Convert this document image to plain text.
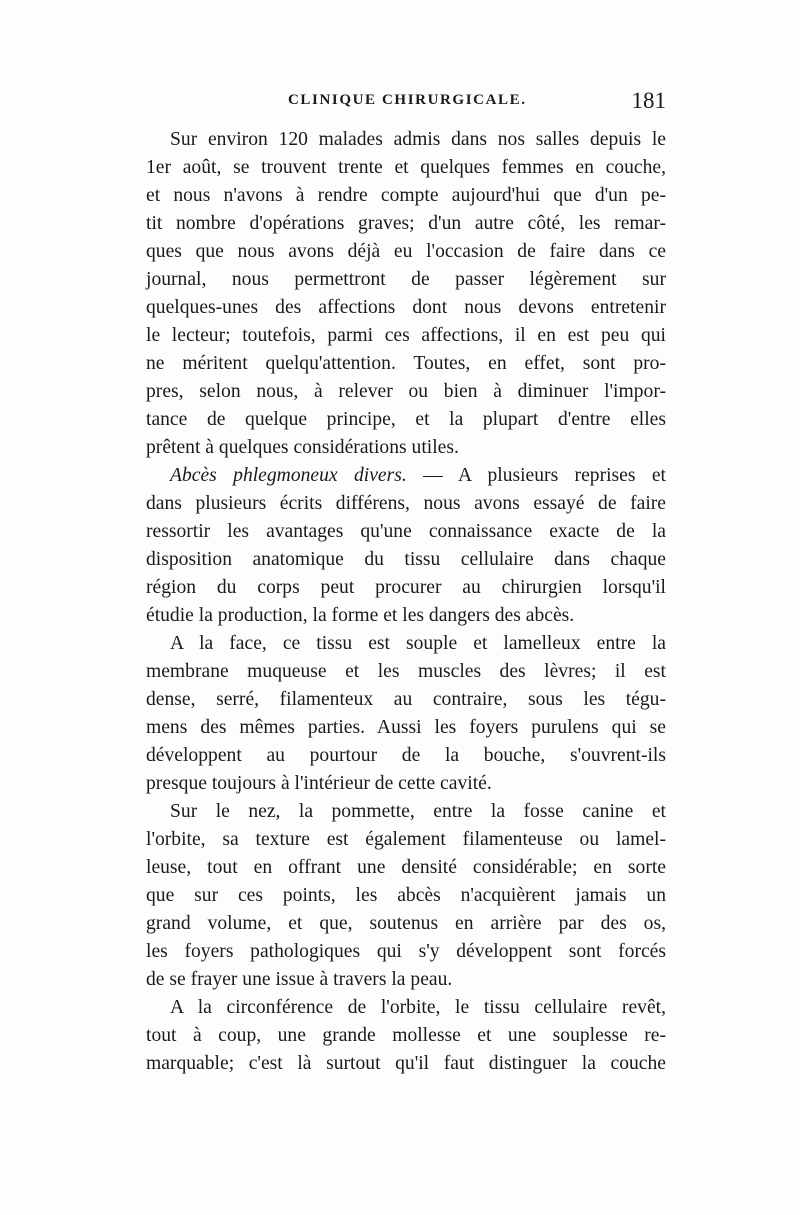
CLINIQUE CHIRURGICALE.	181
Sur environ 120 malades admis dans nos salles depuis le
1er août, se trouvent trente et quelques femmes en couche,
et nous n'avons à rendre compte aujourd'hui que d'un pe-
tit nombre d'opérations graves; d'un autre côté, les remar-
ques que nous avons déjà eu l'occasion de faire dans ce
journal, nous permettront de passer légèrement sur
quelques-unes des affections dont nous devons entretenir
le lecteur; toutefois, parmi ces affections, il en est peu qui
ne méritent quelqu'attention. Toutes, en effet, sont pro-
pres, selon nous, à relever ou bien à diminuer l'impor-
tance de quelque principe, et la plupart d'entre elles
prêtent à quelques considérations utiles.
Abcès phlegmoneux divers. — A plusieurs reprises et
dans plusieurs écrits différens, nous avons essayé de faire
ressortir les avantages qu'une connaissance exacte de la
disposition anatomique du tissu cellulaire dans chaque
région du corps peut procurer au chirurgien lorsqu'il
étudie la production, la forme et les dangers des abcès.
A la face, ce tissu est souple et lamelleux entre la
membrane muqueuse et les muscles des lèvres; il est
dense, serré, filamenteux au contraire, sous les tégu-
mens des mêmes parties. Aussi les foyers purulens qui se
développent au pourtour de la bouche, s'ouvrent-ils
presque toujours à l'intérieur de cette cavité.
Sur le nez, la pommette, entre la fosse canine et
l'orbite, sa texture est également filamenteuse ou lamel-
leuse, tout en offrant une densité considérable; en sorte
que sur ces points, les abcès n'acquièrent jamais un
grand volume, et que, soutenus en arrière par des os,
les foyers pathologiques qui s'y développent sont forcés
de se frayer une issue à travers la peau.
A la circonférence de l'orbite, le tissu cellulaire revêt,
tout à coup, une grande mollesse et une souplesse re-
marquable; c'est là surtout qu'il faut distinguer la couche
